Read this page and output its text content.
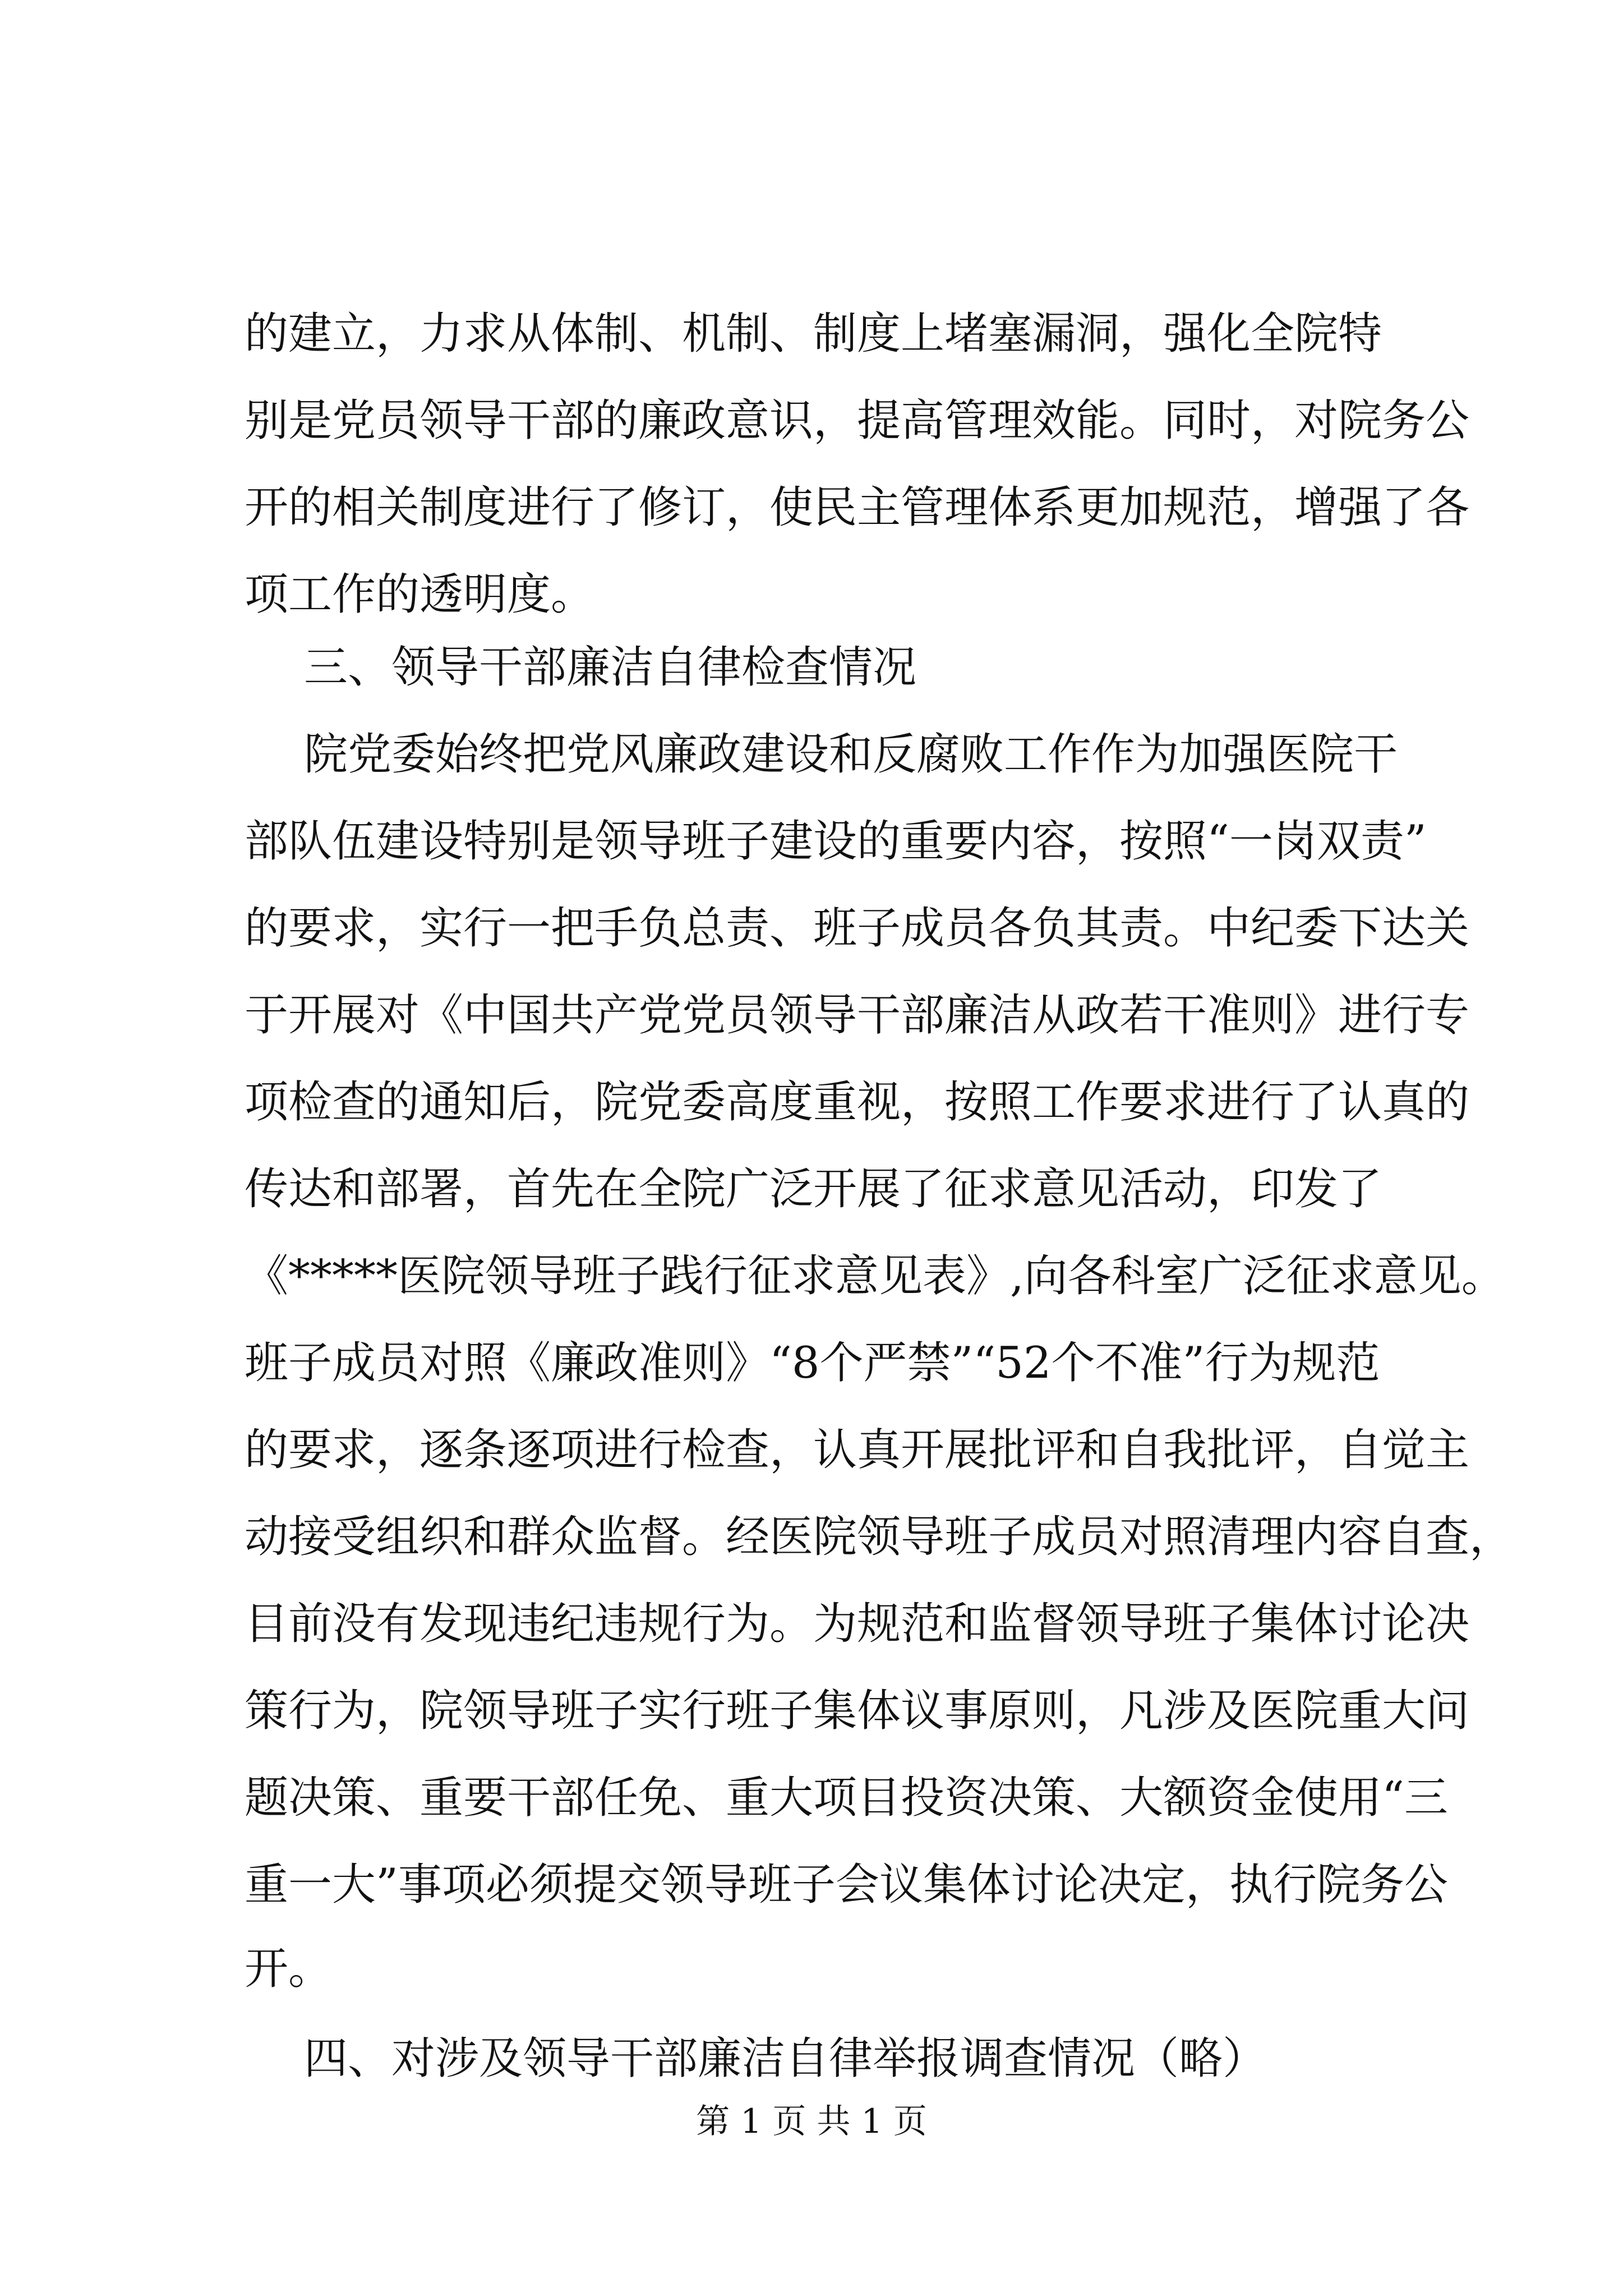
的建立，力求从体制、机制、制度上堵塞漏洞，强化全院特
别是党员领导干部的廉政意识，提高管理效能。同时，对院务公
开的相关制度进行了修订，使民主管理体系更加规范，增强了各
项工作的透明度。
三、领导干部廉洁自律检查情况
院党委始终把党风廉政建设和反腐败工作作为加强医院干
部队伍建设特别是领导班子建设的重要内容，按照“一岗双责”
的要求，实行一把手负总责、班子成员各负其责。中纪委下达关
于开展对《中国共产党党员领导干部廉洁从政若干准则》进行专
项检查的通知后，院党委高度重视，按照工作要求进行了认真的
传达和部署，首先在全院广泛开展了征求意见活动，印发了
《*****医院领导班子践行征求意见表》,向各科室广泛征求意见。
班子成员对照《廉政准则》“8个严禁”“52个不准”行为规范
的要求，逐条逐项进行检查，认真开展批评和自我批评，自觉主
动接受组织和群众监督。经医院领导班子成员对照清理内容自查，
目前没有发现违纪违规行为。为规范和监督领导班子集体讨论决
策行为，院领导班子实行班子集体议事原则，凡涉及医院重大问
题决策、重要干部任免、重大项目投资决策、大额资金使用“三
重一大”事项必须提交领导班子会议集体讨论决定，执行院务公
开。
四、对涉及领导干部廉洁自律举报调查情况（略）
第 1 页 共 1 页
